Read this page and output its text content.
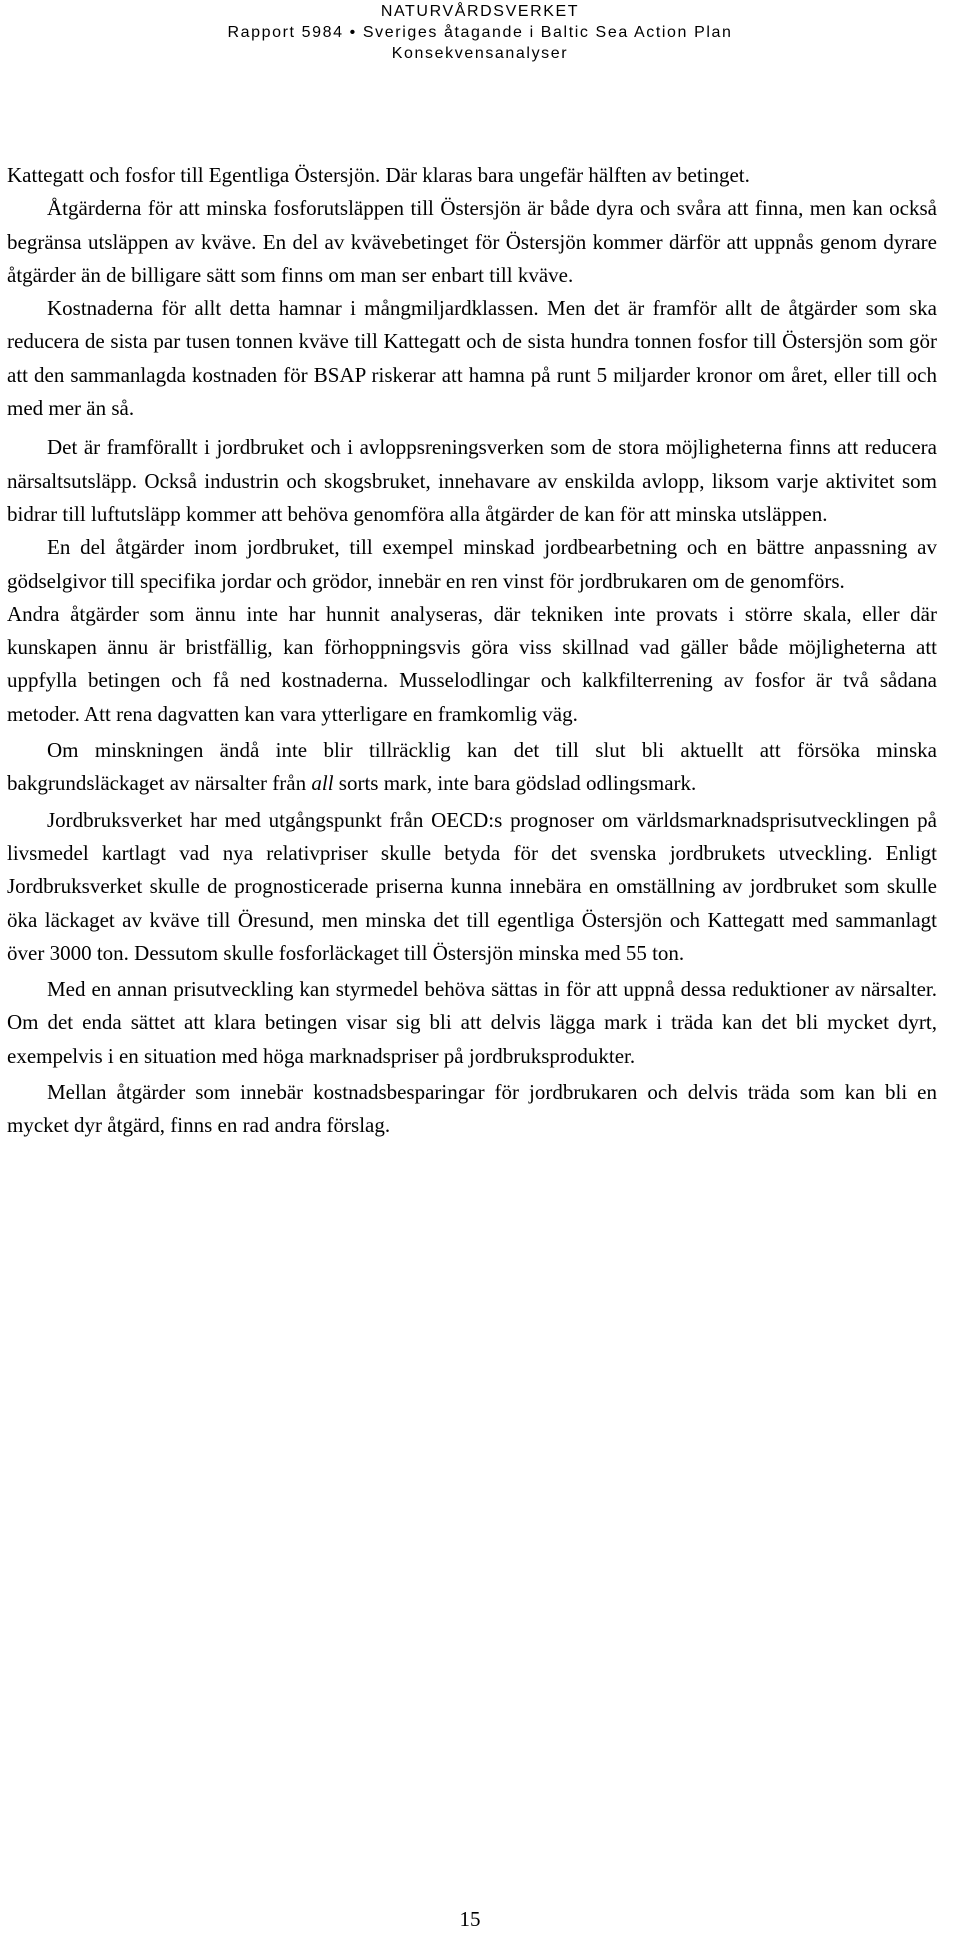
NATURVÅRDSVERKET
Rapport 5984 • Sveriges åtagande i Baltic Sea Action Plan
Konsekvensanalyser

Kattegatt och fosfor till Egentliga Östersjön. Där klaras bara ungefär hälften av betinget.

Åtgärderna för att minska fosforutsläppen till Östersjön är både dyra och svåra att finna, men kan också begränsa utsläppen av kväve. En del av kvävebetinget för Östersjön kommer därför att uppnås genom dyrare åtgärder än de billigare sätt som finns om man ser enbart till kväve.

Kostnaderna för allt detta hamnar i mångmiljardklassen. Men det är framför allt de åtgärder som ska reducera de sista par tusen tonnen kväve till Kattegatt och de sista hundra tonnen fosfor till Östersjön som gör att den sammanlagda kostnaden för BSAP riskerar att hamna på runt 5 miljarder kronor om året, eller till och med mer än så.

Det är framförallt i jordbruket och i avloppsreningsverken som de stora möjligheterna finns att reducera närsaltsutsläpp. Också industrin och skogsbruket, innehavare av enskilda avlopp, liksom varje aktivitet som bidrar till luftutsläpp kommer att behöva genomföra alla åtgärder de kan för att minska utsläppen.

En del åtgärder inom jordbruket, till exempel minskad jordbearbetning och en bättre anpassning av gödselgivor till specifika jordar och grödor, innebär en ren vinst för jordbrukaren om de genomförs.

Andra åtgärder som ännu inte har hunnit analyseras, där tekniken inte provats i större skala, eller där kunskapen ännu är bristfällig, kan förhoppningsvis göra viss skillnad vad gäller både möjligheterna att uppfylla betingen och få ned kostnaderna. Musselodlingar och kalkfilterrening av fosfor är två sådana metoder. Att rena dagvatten kan vara ytterligare en framkomlig väg.

Om minskningen ändå inte blir tillräcklig kan det till slut bli aktuellt att försöka minska bakgrundsläckaget av närsalter från all sorts mark, inte bara gödslad odlingsmark.

Jordbruksverket har med utgångspunkt från OECD:s prognoser om världsmarknadsprisutvecklingen på livsmedel kartlagt vad nya relativpriser skulle betyda för det svenska jordbrukets utveckling. Enligt Jordbruksverket skulle de prognosticerade priserna kunna innebära en omställning av jordbruket som skulle öka läckaget av kväve till Öresund, men minska det till egentliga Östersjön och Kattegatt med sammanlagt över 3000 ton. Dessutom skulle fosforläckaget till Östersjön minska med 55 ton.

Med en annan prisutveckling kan styrmedel behöva sättas in för att uppnå dessa reduktioner av närsalter. Om det enda sättet att klara betingen visar sig bli att delvis lägga mark i träda kan det bli mycket dyrt, exempelvis i en situation med höga marknadspriser på jordbruksprodukter.

Mellan åtgärder som innebär kostnadsbesparingar för jordbrukaren och delvis träda som kan bli en mycket dyr åtgärd, finns en rad andra förslag.

15
